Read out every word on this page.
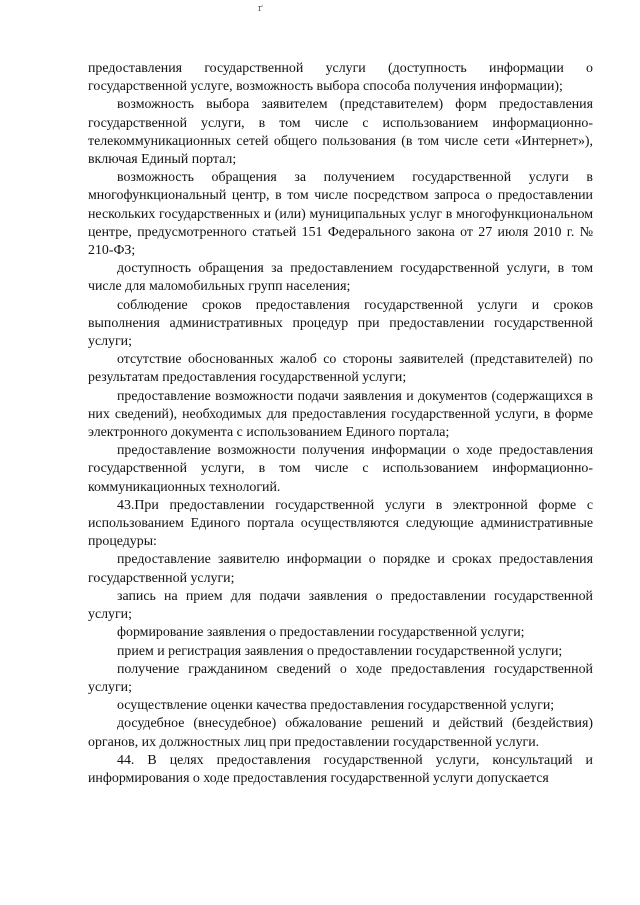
ґ

предоставления государственной услуги (доступность информации о государственной услуге, возможность выбора способа получения информации);

возможность выбора заявителем (представителем) форм предоставления государственной услуги, в том числе с использованием информационно-телекоммуникационных сетей общего пользования (в том числе сети «Интернет»), включая Единый портал;

возможность обращения за получением государственной услуги в многофункциональный центр, в том числе посредством запроса о предоставлении нескольких государственных и (или) муниципальных услуг в многофункциональном центре, предусмотренного статьей 151 Федерального закона от 27 июля 2010 г. № 210-ФЗ;

доступность обращения за предоставлением государственной услуги, в том числе для маломобильных групп населения;

соблюдение сроков предоставления государственной услуги и сроков выполнения административных процедур при предоставлении государственной услуги;

отсутствие обоснованных жалоб со стороны заявителей (представителей) по результатам предоставления государственной услуги;

предоставление возможности подачи заявления и документов (содержащихся в них сведений), необходимых для предоставления государственной услуги, в форме электронного документа с использованием Единого портала;

предоставление возможности получения информации о ходе предоставления государственной услуги, в том числе с использованием информационно-коммуникационных технологий.

43.При предоставлении государственной услуги в электронной форме с использованием Единого портала осуществляются следующие административные процедуры:

предоставление заявителю информации о порядке и сроках предоставления государственной услуги;

запись на прием для подачи заявления о предоставлении государственной услуги;

формирование заявления о предоставлении государственной услуги;

прием и регистрация заявления о предоставлении государственной услуги;

получение гражданином сведений о ходе предоставления государственной услуги;

осуществление оценки качества предоставления государственной услуги;

досудебное (внесудебное) обжалование решений и действий (бездействия) органов, их должностных лиц при предоставлении государственной услуги.

44. В целях предоставления государственной услуги, консультаций и информирования о ходе предоставления государственной услуги допускается
